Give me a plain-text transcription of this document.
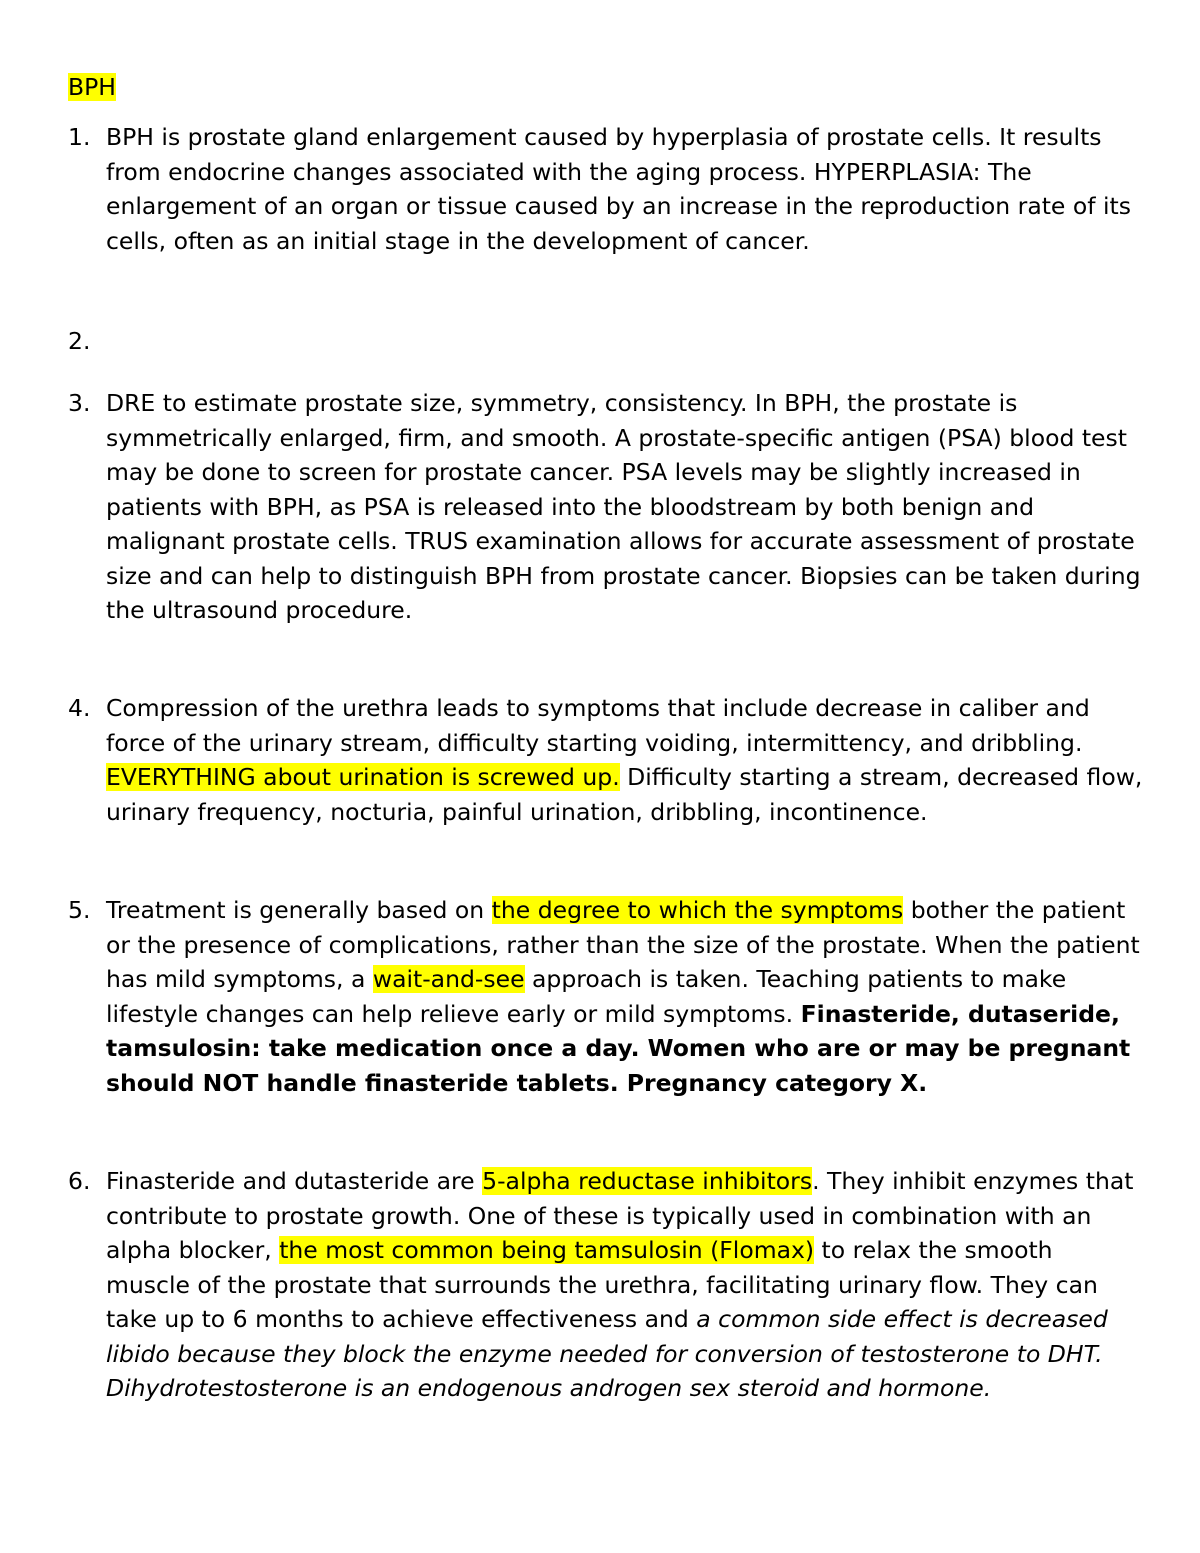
BPH
1. BPH is prostate gland enlargement caused by hyperplasia of prostate cells. It results from endocrine changes associated with the aging process. HYPERPLASIA: The enlargement of an organ or tissue caused by an increase in the reproduction rate of its cells, often as an initial stage in the development of cancer.
2.
3. DRE to estimate prostate size, symmetry, consistency. In BPH, the prostate is symmetrically enlarged, firm, and smooth. A prostate-specific antigen (PSA) blood test may be done to screen for prostate cancer. PSA levels may be slightly increased in patients with BPH, as PSA is released into the bloodstream by both benign and malignant prostate cells. TRUS examination allows for accurate assessment of prostate size and can help to distinguish BPH from prostate cancer. Biopsies can be taken during the ultrasound procedure.
4. Compression of the urethra leads to symptoms that include decrease in caliber and force of the urinary stream, difficulty starting voiding, intermittency, and dribbling. EVERYTHING about urination is screwed up. Difficulty starting a stream, decreased flow, urinary frequency, nocturia, painful urination, dribbling, incontinence.
5. Treatment is generally based on the degree to which the symptoms bother the patient or the presence of complications, rather than the size of the prostate. When the patient has mild symptoms, a wait-and-see approach is taken. Teaching patients to make lifestyle changes can help relieve early or mild symptoms. Finasteride, dutaseride, tamsulosin: take medication once a day. Women who are or may be pregnant should NOT handle finasteride tablets. Pregnancy category X.
6. Finasteride and dutasteride are 5-alpha reductase inhibitors. They inhibit enzymes that contribute to prostate growth. One of these is typically used in combination with an alpha blocker, the most common being tamsulosin (Flomax) to relax the smooth muscle of the prostate that surrounds the urethra, facilitating urinary flow. They can take up to 6 months to achieve effectiveness and a common side effect is decreased libido because they block the enzyme needed for conversion of testosterone to DHT. Dihydrotestosterone is an endogenous androgen sex steroid and hormone.
